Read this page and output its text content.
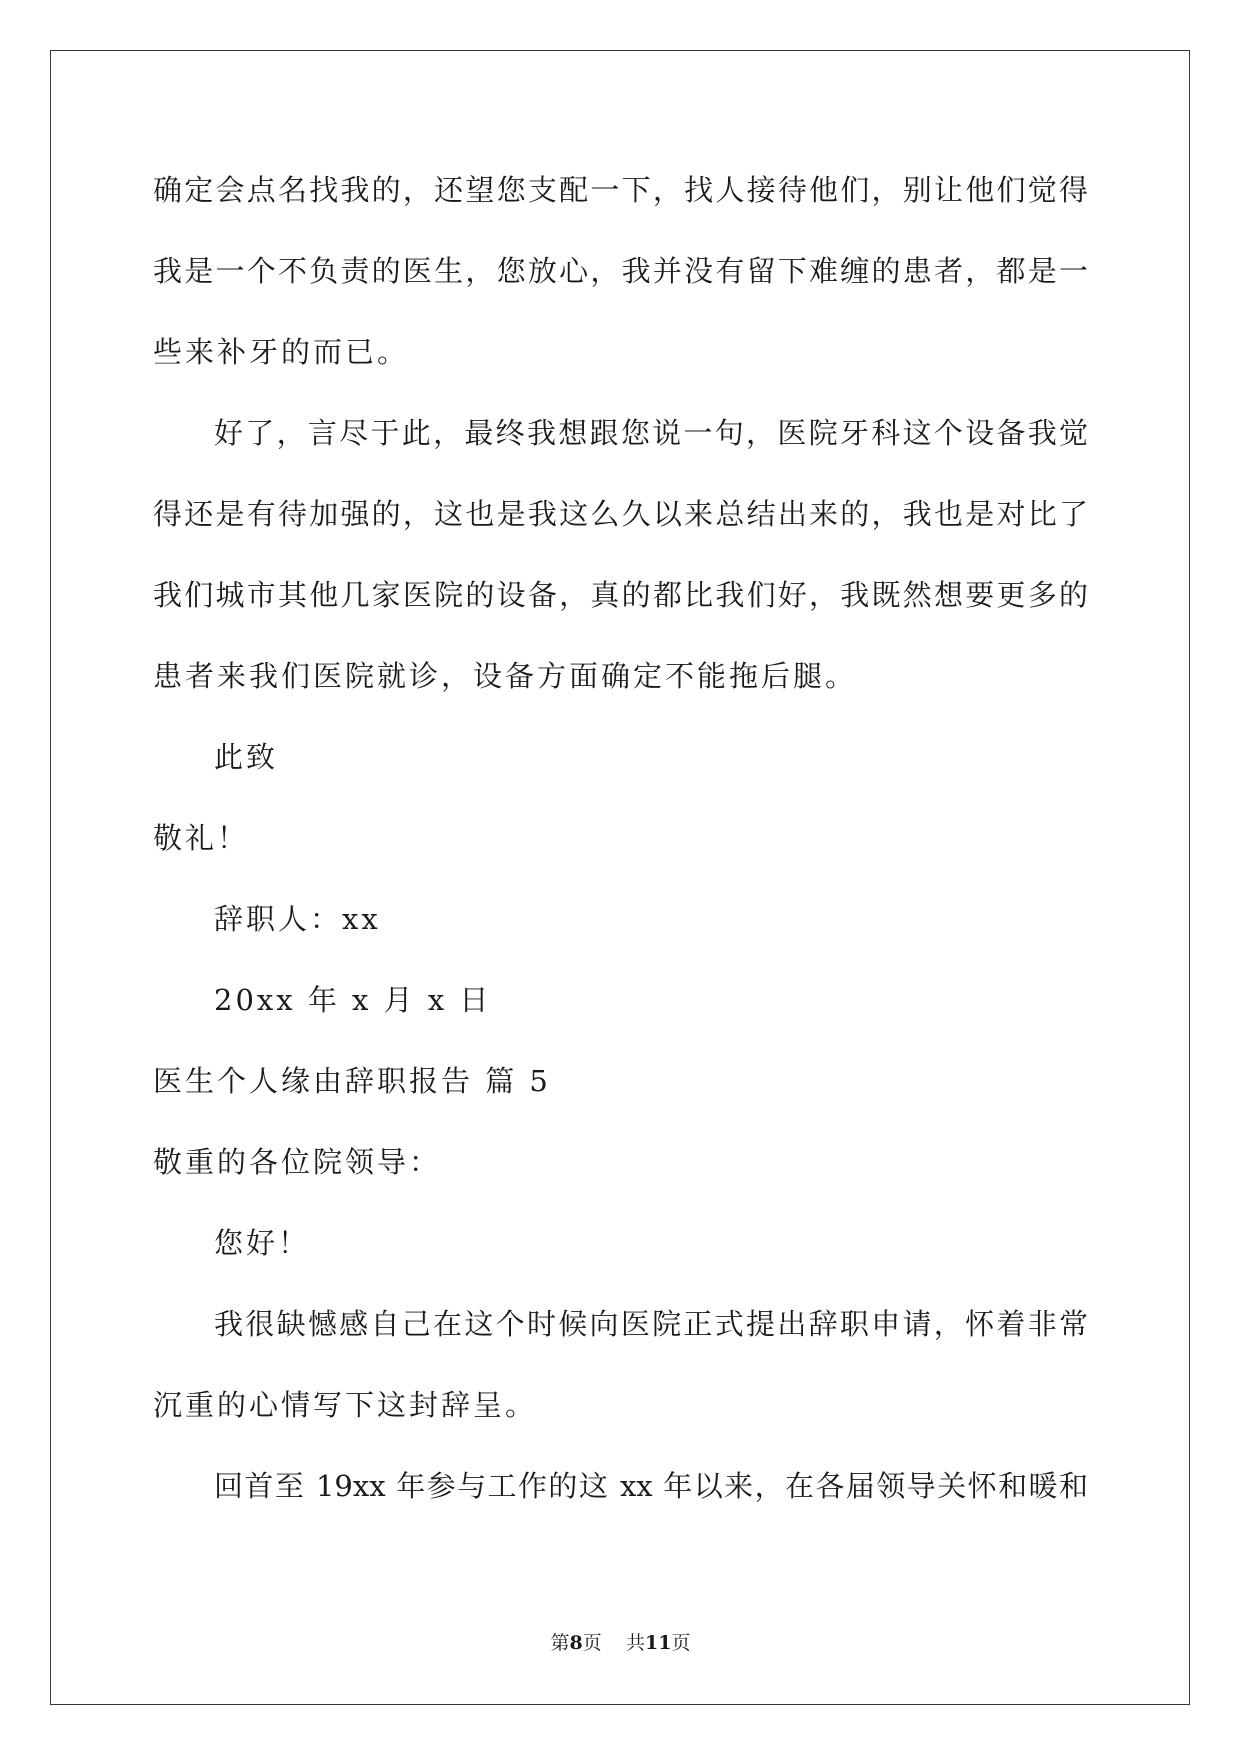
确定会点名找我的，还望您支配一下，找人接待他们，别让他们觉得
我是一个不负责的医生，您放心，我并没有留下难缠的患者，都是一
些来补牙的而已。
好了，言尽于此，最终我想跟您说一句，医院牙科这个设备我觉
得还是有待加强的，这也是我这么久以来总结出来的，我也是对比了
我们城市其他几家医院的设备，真的都比我们好，我既然想要更多的
患者来我们医院就诊，设备方面确定不能拖后腿。
此致
敬礼！
辞职人：xx
20xx 年 x 月 x 日
医生个人缘由辞职报告 篇 5
敬重的各位院领导：
您好！
我很缺憾感自己在这个时候向医院正式提出辞职申请，怀着非常
沉重的心情写下这封辞呈。
回首至 19xx 年参与工作的这 xx 年以来，在各届领导关怀和暖和
第8页 共11页
